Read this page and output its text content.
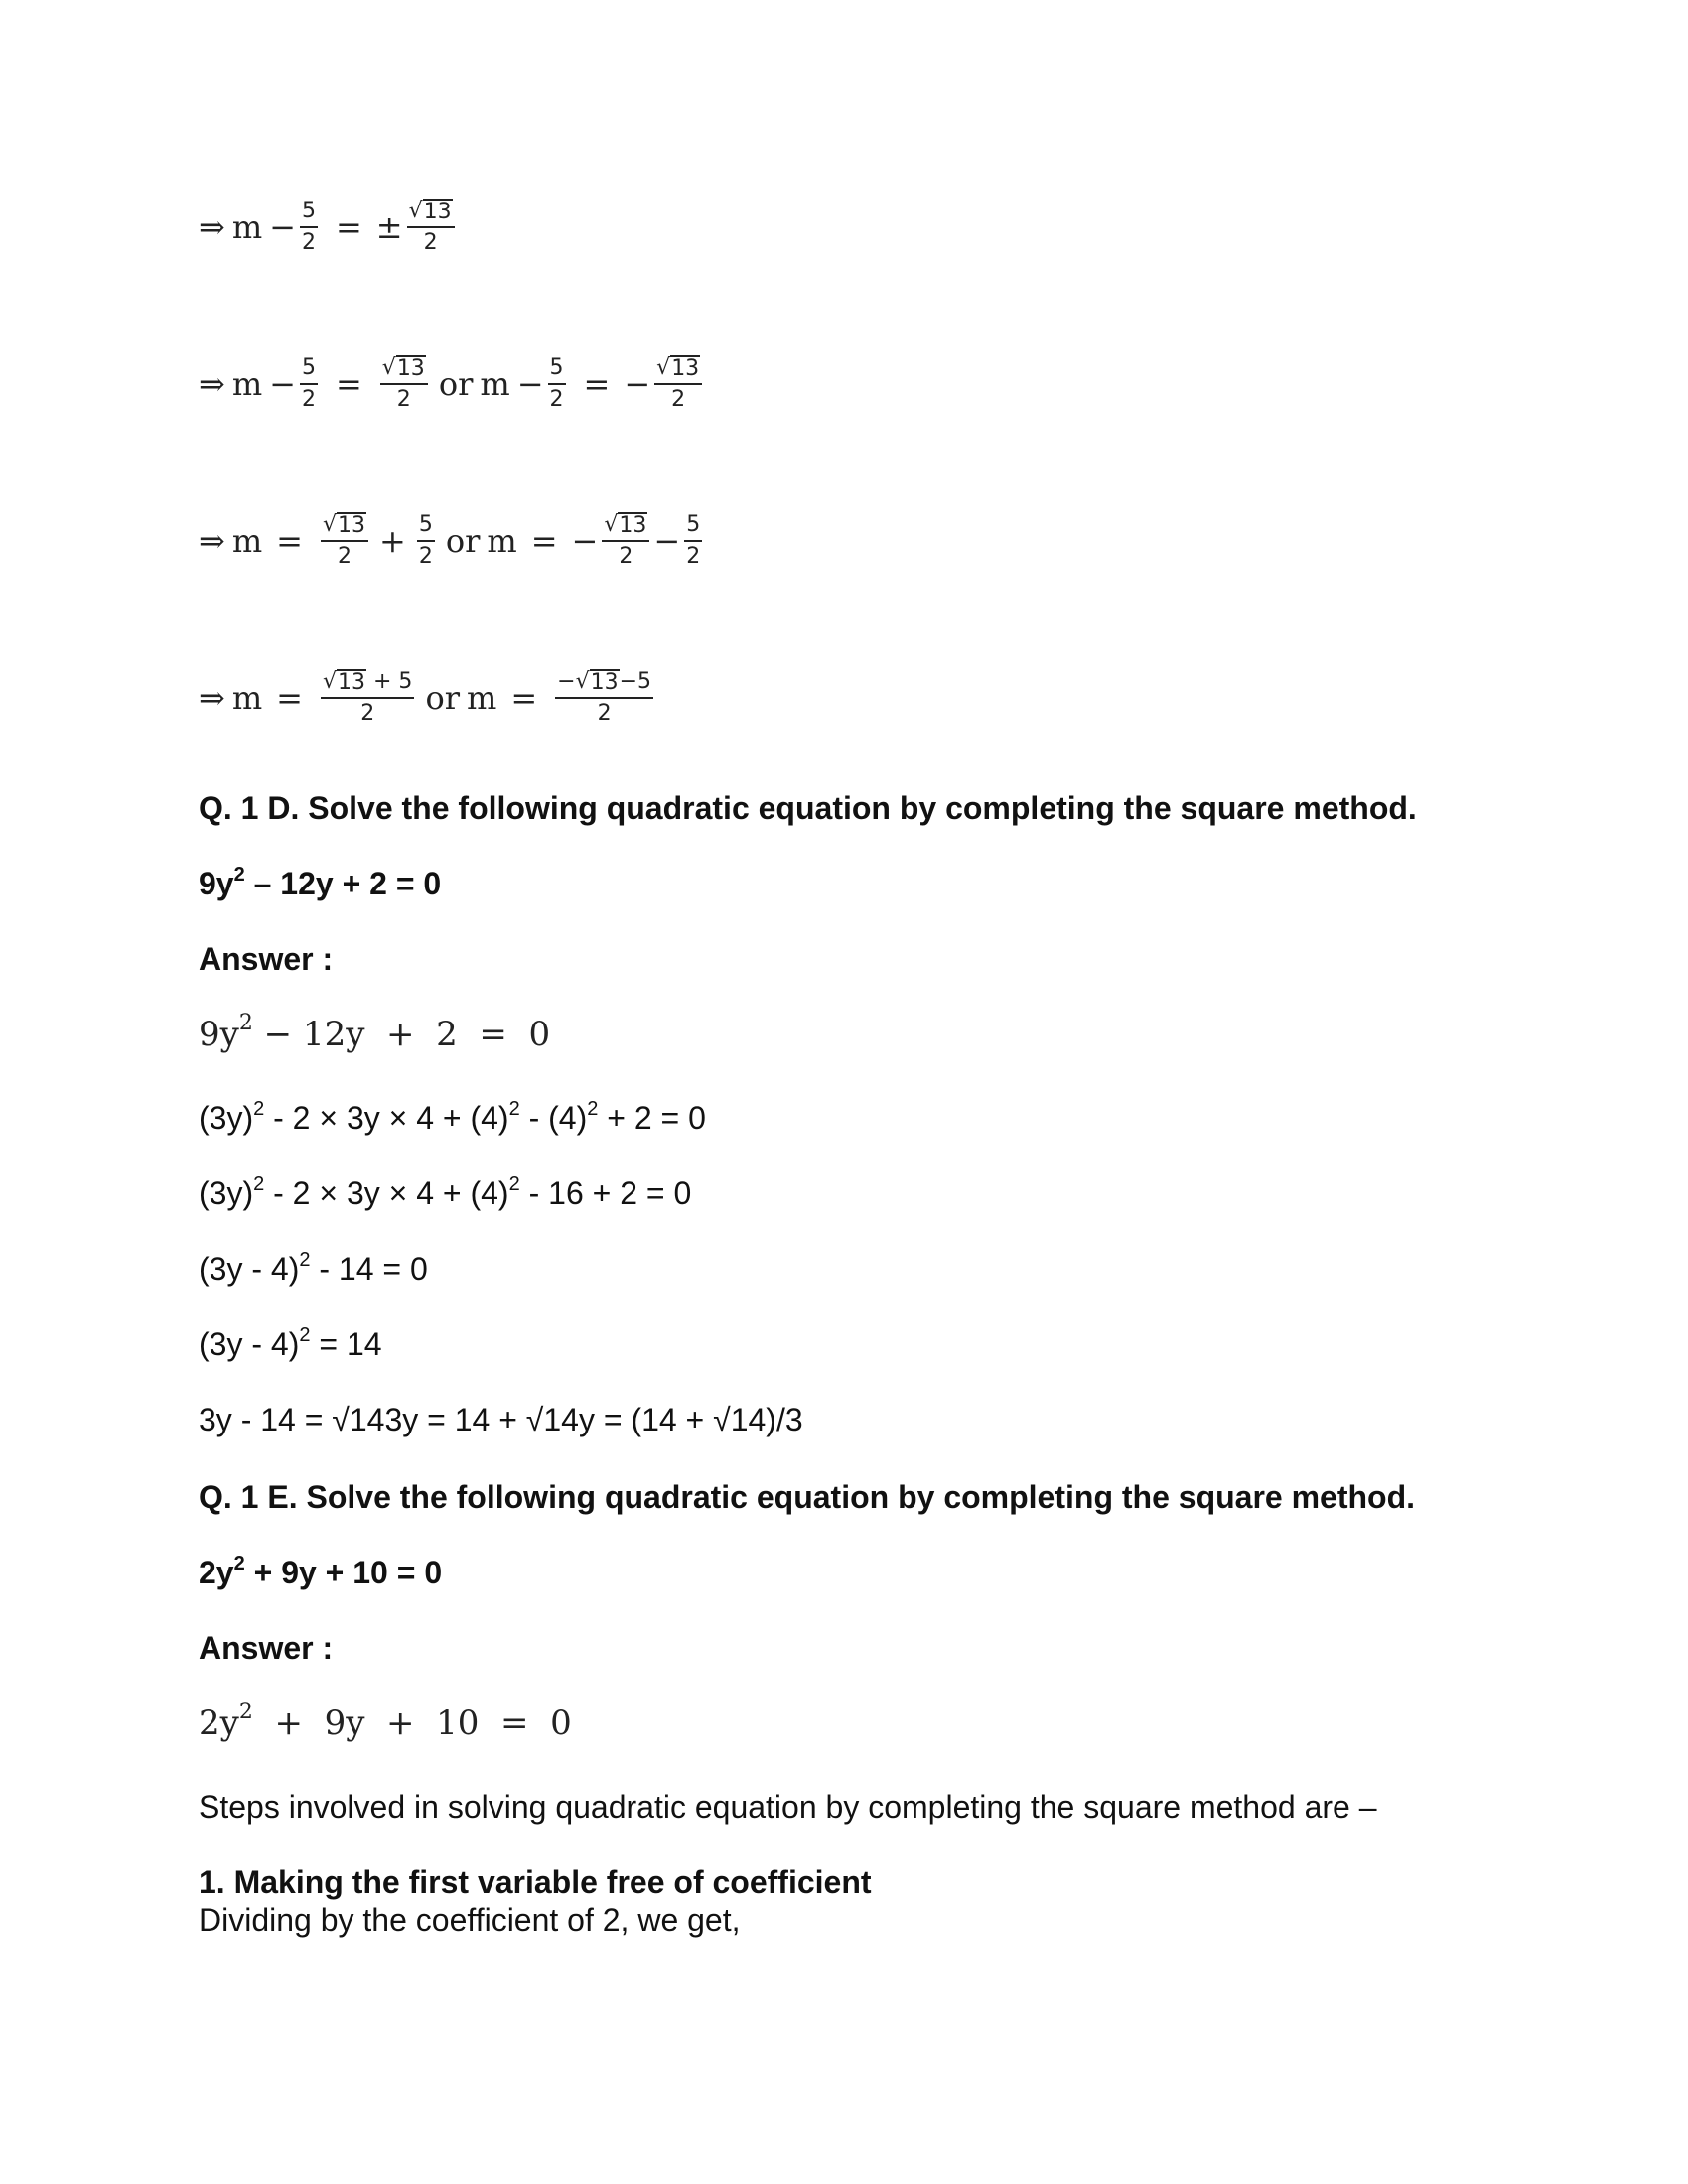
⇒ $m - \frac{5}{2}$ = ± $\frac{√ 13}{2}$
⇒ $m - \frac{5}{2} = \frac{√ 13}{2}$ or $m - \frac{5}{2}$ = − $\frac{√ 13}{2}$
⇒ $m = \frac{√ 13}{2} + \frac{5}{2}$ or m = − $\frac{√ 13}{2} - \frac{5}{2}$
⇒ m = √ 13
+ 5
2 or $m = \frac{- √ 13 -5}{2}$
Q. 1 D. Solve the following quadratic equation by completing the square method.
$9y^2 - 12y + 2 = 0$
Answer :
$9y^2 - 12y + 2 = 0$
$(3y)^2 - 2 \times 3y \times 4 + (4)^2 - (4)^2 + 2 = 0$
$(3y)^2 - 2 \times 3y \times 4 + (4)^2 - 16 + 2 = 0$
(3y - 4)$^2$ - 14 = 0
(3y - 4)$^2$ = 14
3y - 14 = √143y = 14 + √14y = (14 + √14)/3
Q. 1 E. Solve the following quadratic equation by completing the square method.
$2y^2 + 9y + 10 = 0$
Answer :
$2y^2 + 9y + 10 = 0$
Steps involved in solving quadratic equation by completing the square method are –
1. Making the first variable free of coefficient
Dividing by the coefficient of 2, we get,
